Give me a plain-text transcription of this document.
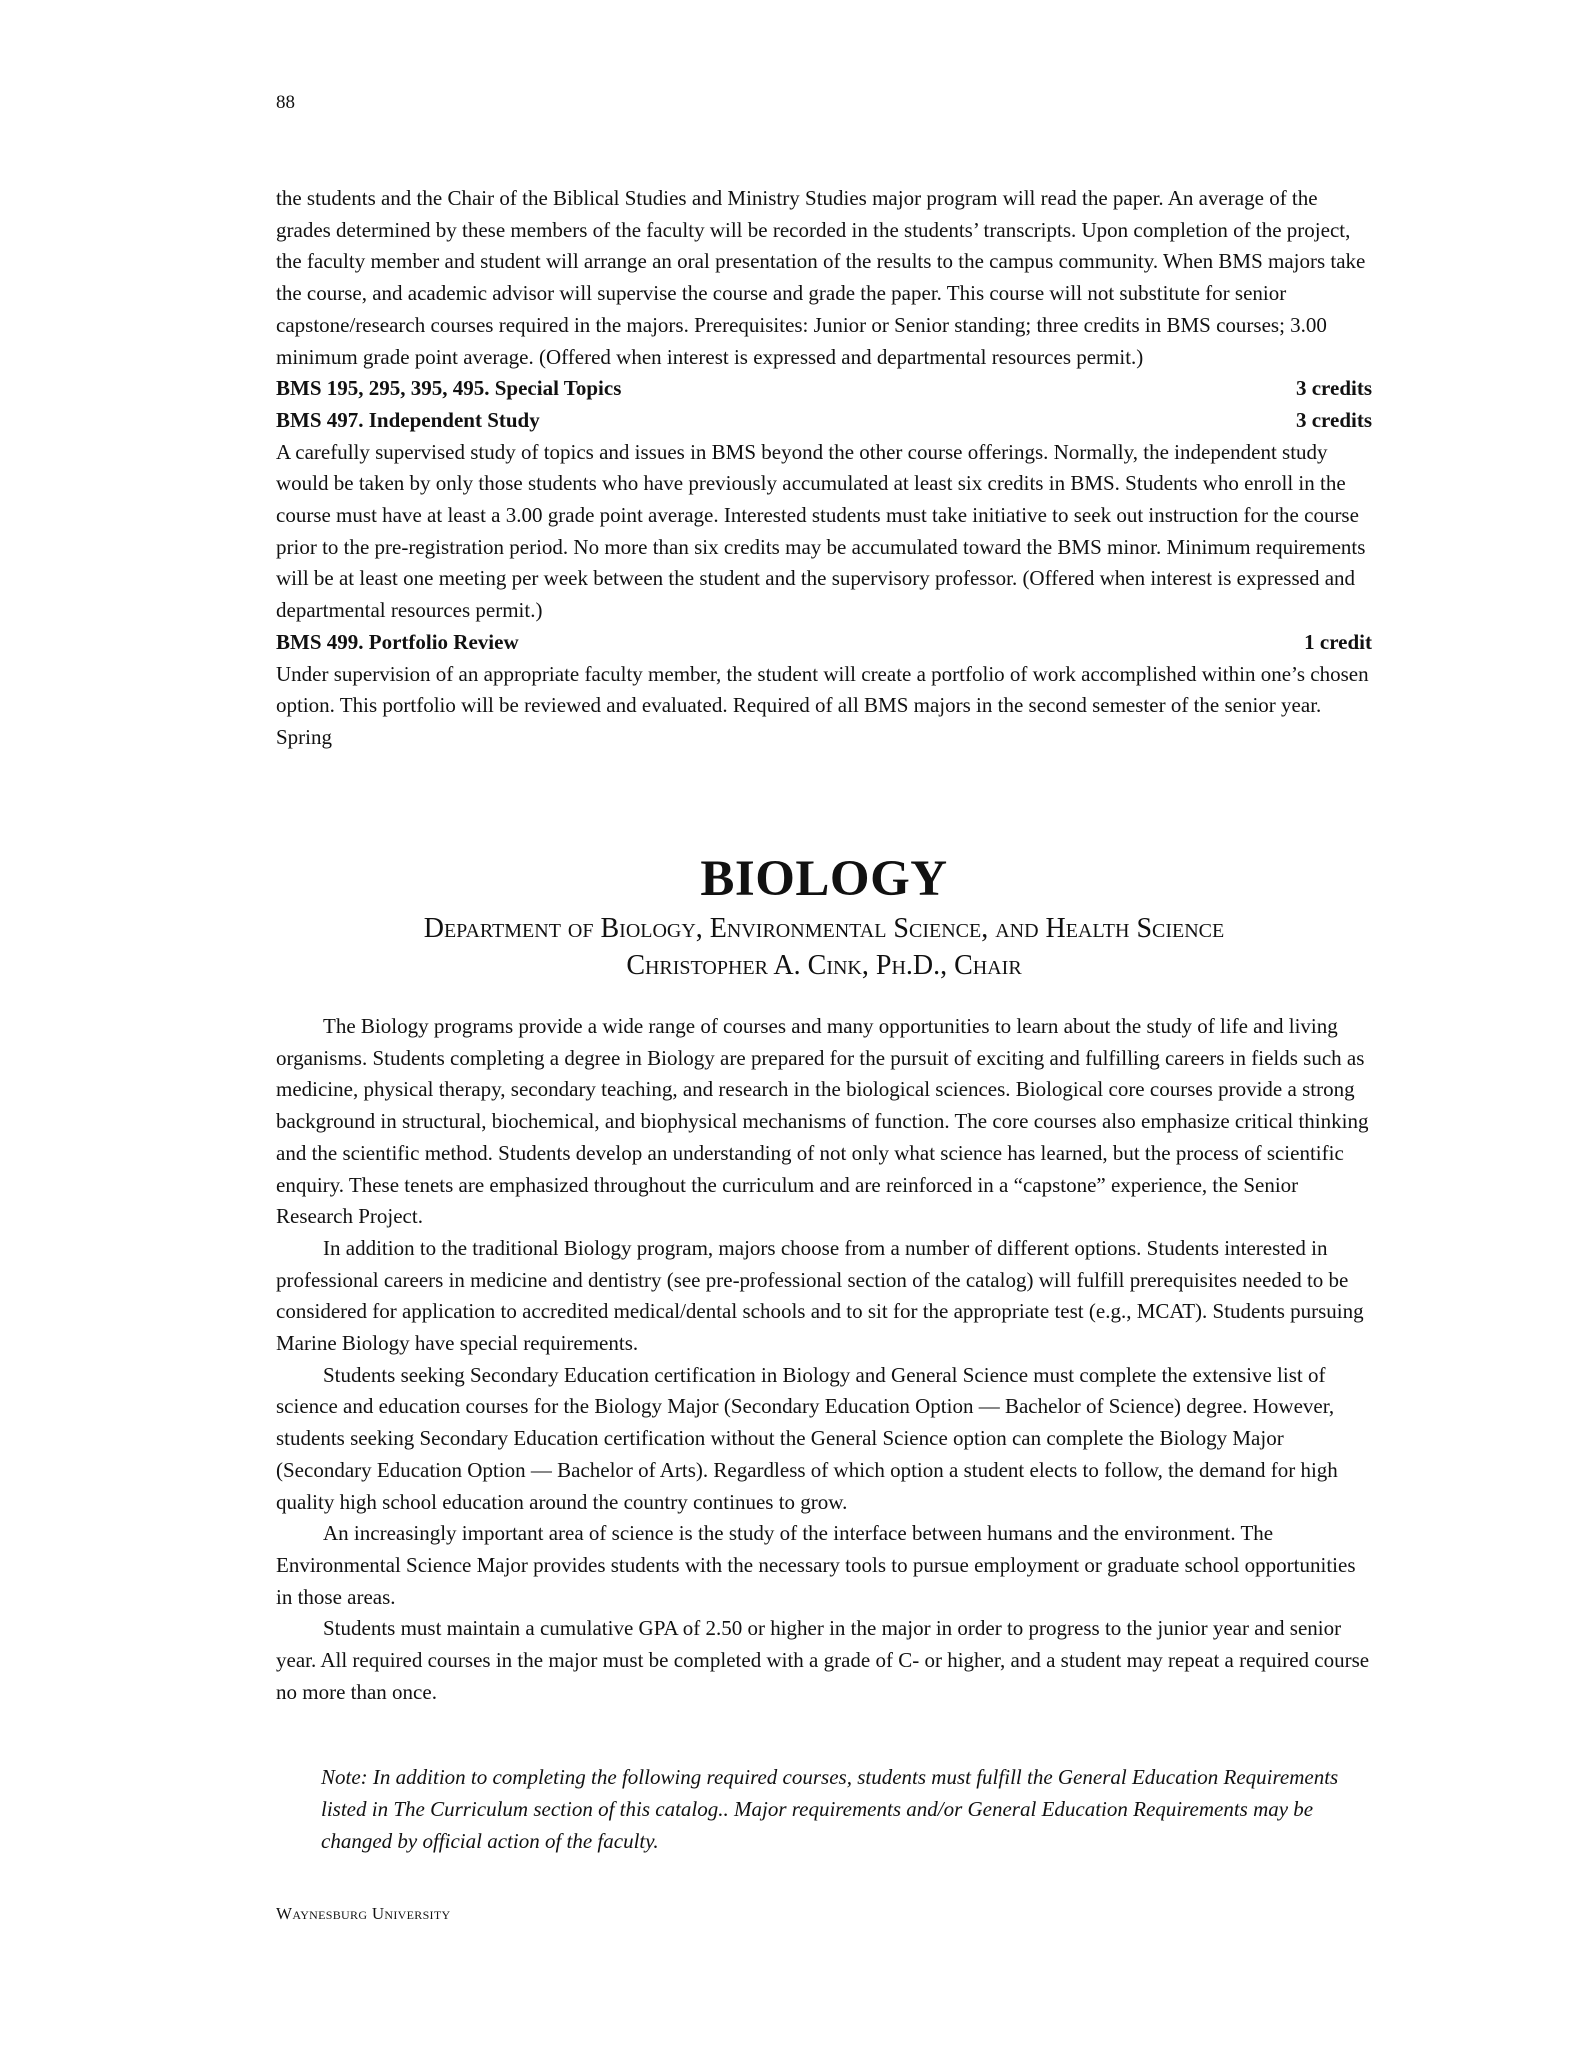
88

the students and the Chair of the Biblical Studies and Ministry Studies major program will read the paper. An average of the grades determined by these members of the faculty will be recorded in the students’ transcripts. Upon completion of the project, the faculty member and student will arrange an oral presentation of the results to the campus community. When BMS majors take the course, and academic advisor will supervise the course and grade the paper. This course will not substitute for senior capstone/research courses required in the majors. Prerequisites: Junior or Senior standing; three credits in BMS courses; 3.00 minimum grade point average. (Offered when interest is expressed and departmental resources permit.)

BMS 195, 295, 395, 495. Special Topics	3 credits
BMS 497. Independent Study	3 credits

A carefully supervised study of topics and issues in BMS beyond the other course offerings. Normally, the independent study would be taken by only those students who have previously accumulated at least six credits in BMS. Students who enroll in the course must have at least a 3.00 grade point average. Interested students must take initiative to seek out instruction for the course prior to the pre-registration period. No more than six credits may be accumulated toward the BMS minor. Minimum requirements will be at least one meeting per week between the student and the supervisory professor. (Offered when interest is expressed and departmental resources permit.)

BMS 499. Portfolio Review	1 credit

Under supervision of an appropriate faculty member, the student will create a portfolio of work accomplished within one’s chosen option. This portfolio will be reviewed and evaluated. Required of all BMS majors in the second semester of the senior year. Spring

BIOLOGY

Department of Biology, Environmental Science, and Health Science

Christopher A. Cink, Ph.D., Chair

The Biology programs provide a wide range of courses and many opportunities to learn about the study of life and living organisms. Students completing a degree in Biology are prepared for the pursuit of exciting and fulfilling careers in fields such as medicine, physical therapy, secondary teaching, and research in the biological sciences. Biological core courses provide a strong background in structural, biochemical, and biophysical mechanisms of function. The core courses also emphasize critical thinking and the scientific method. Students develop an understanding of not only what science has learned, but the process of scientific enquiry. These tenets are emphasized throughout the curriculum and are reinforced in a “capstone” experience, the Senior Research Project.

In addition to the traditional Biology program, majors choose from a number of different options. Students interested in professional careers in medicine and dentistry (see pre-professional section of the catalog) will fulfill prerequisites needed to be considered for application to accredited medical/dental schools and to sit for the appropriate test (e.g., MCAT). Students pursuing Marine Biology have special requirements.

Students seeking Secondary Education certification in Biology and General Science must complete the extensive list of science and education courses for the Biology Major (Secondary Education Option — Bachelor of Science) degree. However, students seeking Secondary Education certification without the General Science option can complete the Biology Major (Secondary Education Option — Bachelor of Arts). Regardless of which option a student elects to follow, the demand for high quality high school education around the country continues to grow.

An increasingly important area of science is the study of the interface between humans and the environment. The Environmental Science Major provides students with the necessary tools to pursue employment or graduate school opportunities in those areas.

Students must maintain a cumulative GPA of 2.50 or higher in the major in order to progress to the junior year and senior year. All required courses in the major must be completed with a grade of C- or higher, and a student may repeat a required course no more than once.

Note: In addition to completing the following required courses, students must fulfill the General Education Requirements listed in The Curriculum section of this catalog.. Major requirements and/or General Education Requirements may be changed by official action of the faculty.

Waynesburg University
